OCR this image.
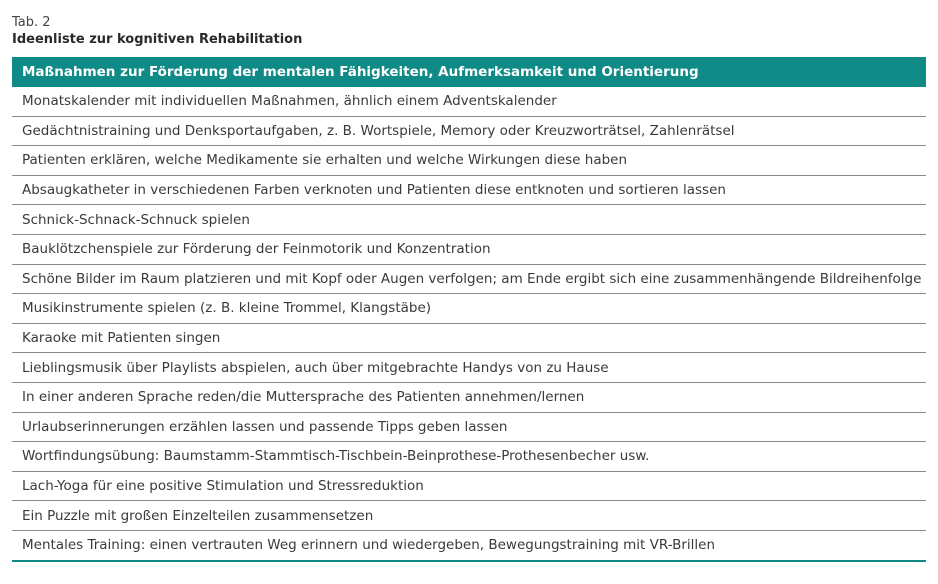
Tab. 2
Ideenliste zur kognitiven Rehabilitation
Maßnahmen zur Förderung der mentalen Fähigkeiten, Aufmerksamkeit und Orientierung
Monatskalender mit individuellen Maßnahmen, ähnlich einem Adventskalender
Gedächtnistraining und Denksportaufgaben, z. B. Wortspiele, Memory oder Kreuzworträtsel, Zahlenrätsel
Patienten erklären, welche Medikamente sie erhalten und welche Wirkungen diese haben
Absaugkatheter in verschiedenen Farben verknoten und Patienten diese entknoten und sortieren lassen
Schnick-Schnack-Schnuck spielen
Bauklötzchenspiele zur Förderung der Feinmotorik und Konzentration
Schöne Bilder im Raum platzieren und mit Kopf oder Augen verfolgen; am Ende ergibt sich eine zusammenhängende Bildreihenfolge
Musikinstrumente spielen (z. B. kleine Trommel, Klangstäbe)
Karaoke mit Patienten singen
Lieblingsmusik über Playlists abspielen, auch über mitgebrachte Handys von zu Hause
In einer anderen Sprache reden/die Muttersprache des Patienten annehmen/lernen
Urlaubserinnerungen erzählen lassen und passende Tipps geben lassen
Wortfindungsübung: Baumstamm-Stammtisch-Tischbein-Beinprothese-Prothesenbecher usw.
Lach-Yoga für eine positive Stimulation und Stressreduktion
Ein Puzzle mit großen Einzelteilen zusammensetzen
Mentales Training: einen vertrauten Weg erinnern und wiedergeben, Bewegungstraining mit VR-Brillen
